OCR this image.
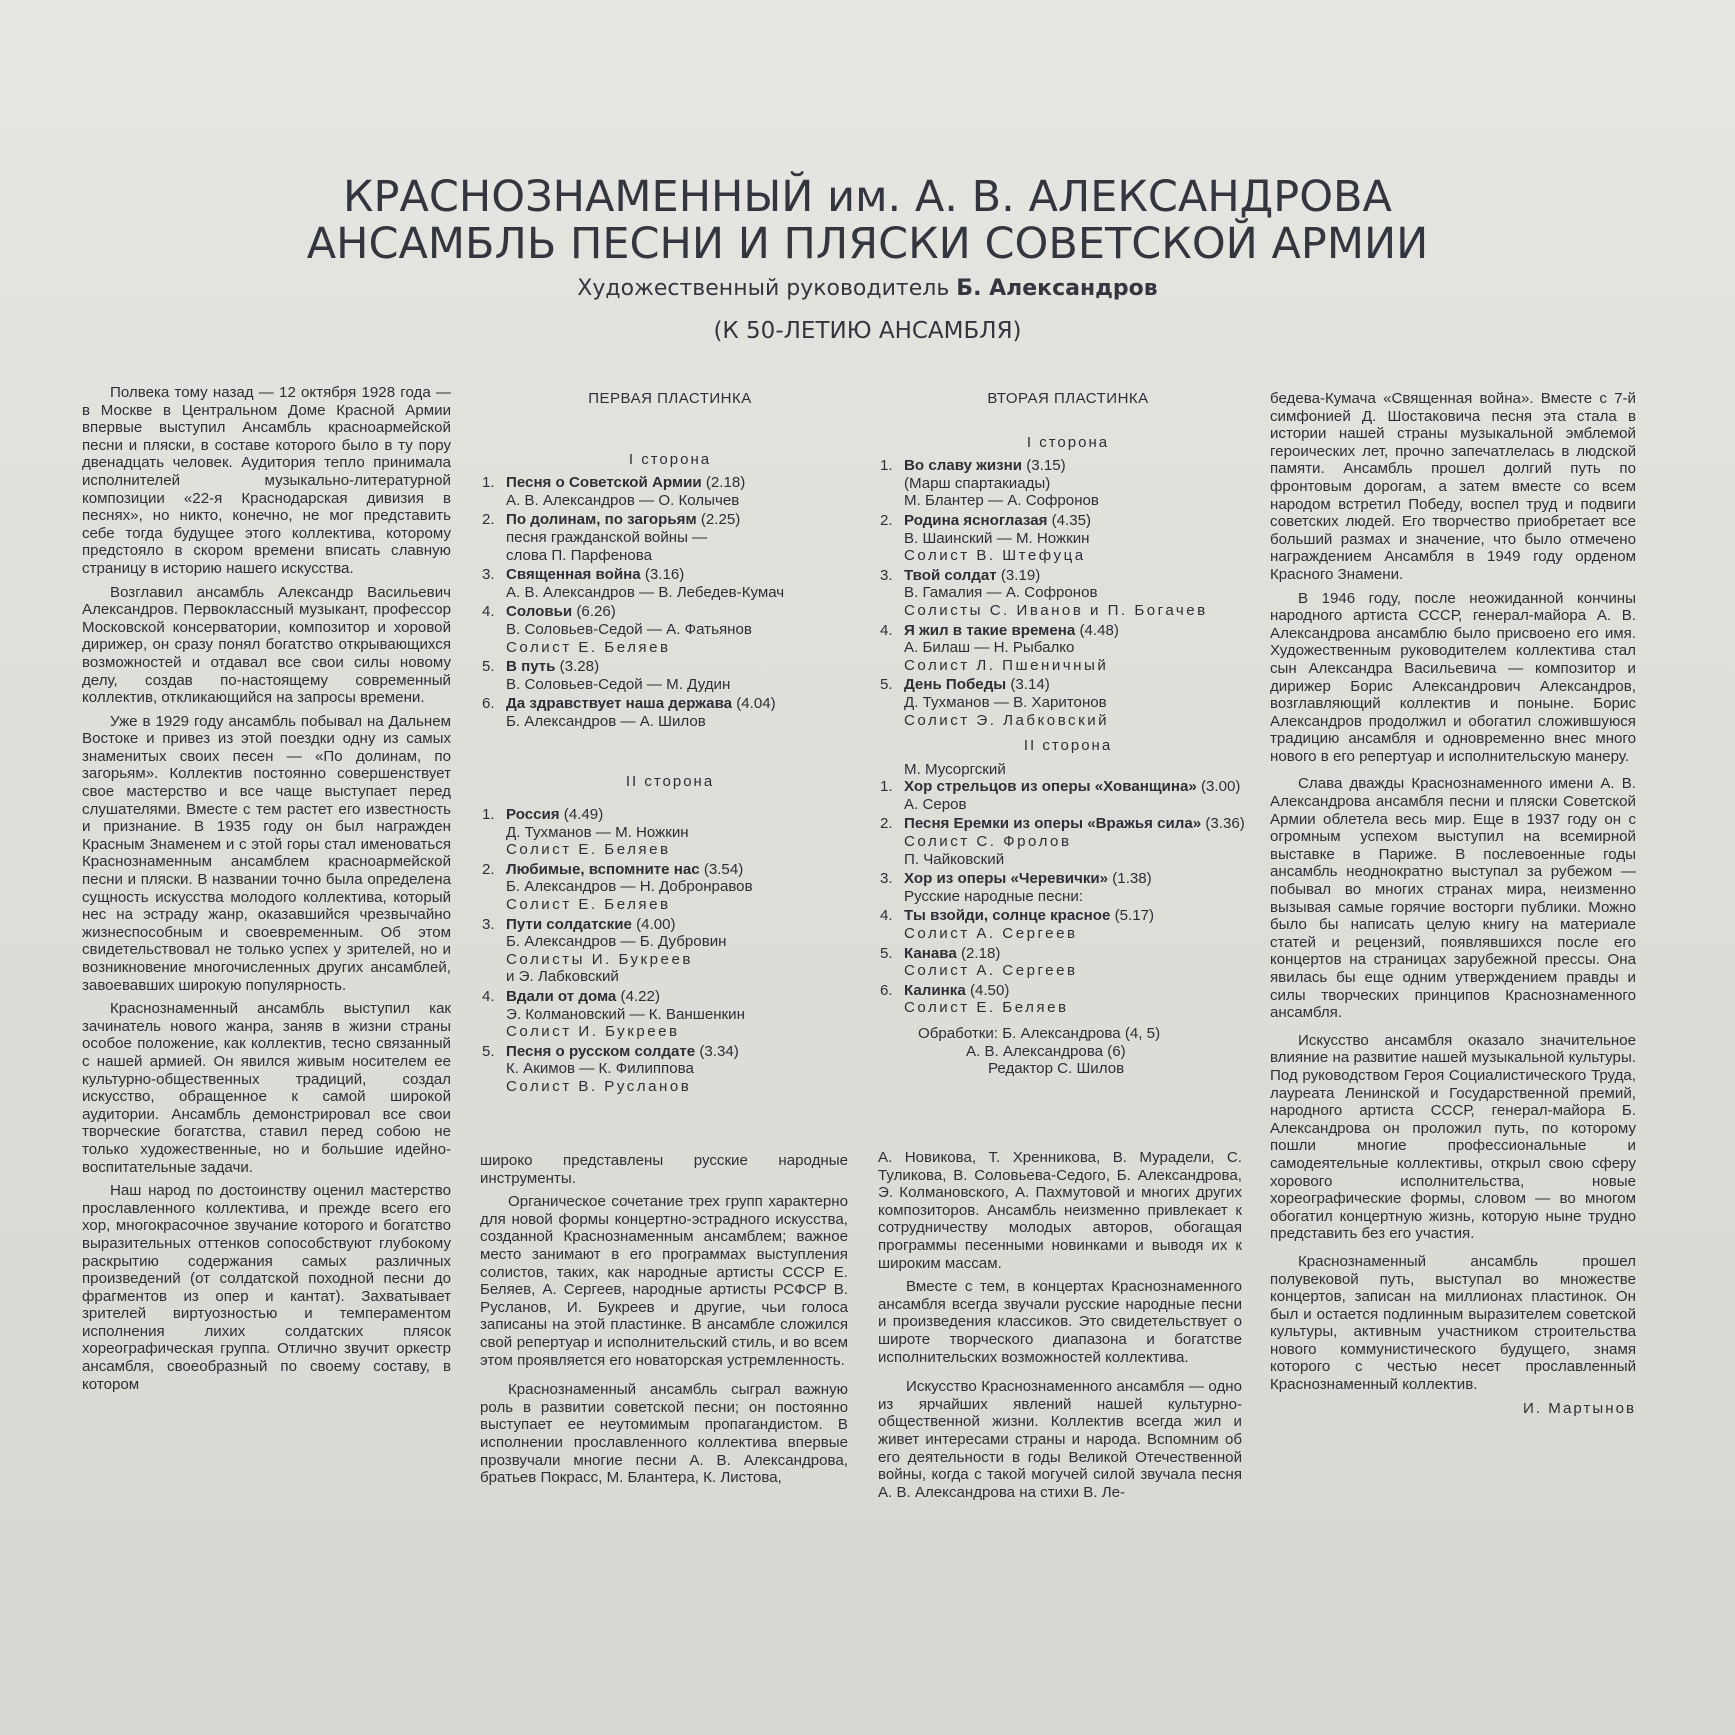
КРАСНОЗНАМЕННЫЙ им. А. В. АЛЕКСАНДРОВА
АНСАМБЛЬ ПЕСНИ И ПЛЯСКИ СОВЕТСКОЙ АРМИИ
Художественный руководитель Б. Александров
(К 50-ЛЕТИЮ АНСАМБЛЯ)

Полвека тому назад — 12 октября 1928 года — в Москве в Центральном Доме Красной Армии впервые выступил Ансамбль красноармейской песни и пляски, в составе которого было в ту пору двенадцать человек. Аудитория тепло принимала исполнителей музыкально-литературной композиции «22-я Краснодарская дивизия в песнях», но никто, конечно, не мог представить себе тогда будущее этого коллектива, которому предстояло в скором времени вписать славную страницу в историю нашего искусства.

Возглавил ансамбль Александр Васильевич Александров. Первоклассный музыкант, профессор Московской консерватории, композитор и хоровой дирижер, он сразу понял богатство открывающихся возможностей и отдавал все свои силы новому делу, создав по-настоящему современный коллектив, откликающийся на запросы времени.

Уже в 1929 году ансамбль побывал на Дальнем Востоке и привез из этой поездки одну из самых знаменитых своих песен — «По долинам, по загорьям». Коллектив постоянно совершенствует свое мастерство и все чаще выступает перед слушателями. Вместе с тем растет его известность и признание. В 1935 году он был награжден Красным Знаменем и с этой горы стал именоваться Краснознаменным ансамблем красноармейской песни и пляски. В названии точно была определена сущность искусства молодого коллектива, который нес на эстраду жанр, оказавшийся чрезвычайно жизнеспособным и своевременным. Об этом свидетельствовал не только успех у зрителей, но и возникновение многочисленных других ансамблей, завоевавших широкую популярность.

Краснознаменный ансамбль выступил как зачинатель нового жанра, заняв в жизни страны особое положение, как коллектив, тесно связанный с нашей армией. Он явился живым носителем ее культурно-общественных традиций, создал искусство, обращенное к самой широкой аудитории. Ансамбль демонстрировал все свои творческие богатства, ставил перед собою не только художественные, но и большие идейно-воспитательные задачи.

Наш народ по достоинству оценил мастерство прославленного коллектива, и прежде всего его хор, многокрасочное звучание которого и богатство выразительных оттенков сопособствуют глубокому раскрытию содержания самых различных произведений (от солдатской походной песни до фрагментов из опер и кантат). Захватывает зрителей виртуозностью и темпераментом исполнения лихих солдатских плясок хореографическая группа. Отлично звучит оркестр ансамбля, своеобразный по своему составу, в котором

ПЕРВАЯ ПЛАСТИНКА
I сторона
1. Песня о Советской Армии (2.18)
А. В. Александров — О. Колычев
2. По долинам, по загорьям (2.25)
песня гражданской войны —
слова П. Парфенова
3. Священная война (3.16)
А. В. Александров — В. Лебедев-Кумач
4. Соловьи (6.26)
В. Соловьев-Седой — А. Фатьянов
Солист Е. Беляев
5. В путь (3.28)
В. Соловьев-Седой — М. Дудин
6. Да здравствует наша держава (4.04)
Б. Александров — А. Шилов
II сторона
1. Россия (4.49)
Д. Тухманов — М. Ножкин
Солист Е. Беляев
2. Любимые, вспомните нас (3.54)
Б. Александров — Н. Добронравов
Солист Е. Беляев
3. Пути солдатские (4.00)
Б. Александров — Б. Дубровин
Солисты И. Букреев
и Э. Лабковский
4. Вдали от дома (4.22)
Э. Колмановский — К. Ваншенкин
Солист И. Букреев
5. Песня о русском солдате (3.34)
К. Акимов — К. Филиппова
Солист В. Русланов
ВТОРАЯ ПЛАСТИНКА
I сторона
1. Во славу жизни (3.15)
(Марш спартакиады)
М. Блантер — А. Софронов
2. Родина ясноглазая (4.35)
В. Шаинский — М. Ножкин
Солист В. Штефуца
3. Твой солдат (3.19)
В. Гамалия — А. Софронов
Солисты С. Иванов и П. Богачев
4. Я жил в такие времена (4.48)
А. Билаш — Н. Рыбалко
Солист Л. Пшеничный
5. День Победы (3.14)
Д. Тухманов — В. Харитонов
Солист Э. Лабковский
II сторона
М. Мусоргский
1. Хор стрельцов из оперы «Хованщина» (3.00)
А. Серов
2. Песня Еремки из оперы «Вражья сила» (3.36)
Солист С. Фролов
П. Чайковский
3. Хор из оперы «Черевички» (1.38)
Русские народные песни:
4. Ты взойди, солнце красное (5.17)
Солист А. Сергеев
5. Канава (2.18)
Солист А. Сергеев
6. Калинка (4.50)
Солист Е. Беляев
Обработки: Б. Александрова (4, 5)
А. В. Александрова (6)
Редактор С. Шилов

широко представлены русские народные инструменты.

Органическое сочетание трех групп характерно для новой формы концертно-эстрадного искусства, созданной Краснознаменным ансамблем; важное место занимают в его программах выступления солистов, таких, как народные артисты СССР Е. Беляев, А. Сергеев, народные артисты РСФСР В. Русланов, И. Букреев и другие, чьи голоса записаны на этой пластинке. В ансамбле сложился свой репертуар и исполнительский стиль, и во всем этом проявляется его новаторская устремленность.

Краснознаменный ансамбль сыграл важную роль в развитии советской песни; он постоянно выступает ее неутомимым пропагандистом. В исполнении прославленного коллектива впервые прозвучали многие песни А. В. Александрова, братьев Покрасс, М. Блантера, К. Листова,

А. Новикова, Т. Хренникова, В. Мурадели, С. Туликова, В. Соловьева-Седого, Б. Александрова, Э. Колмановского, А. Пахмутовой и многих других композиторов. Ансамбль неизменно привлекает к сотрудничеству молодых авторов, обогащая программы песенными новинками и выводя их к широким массам.

Вместе с тем, в концертах Краснознаменного ансамбля всегда звучали русские народные песни и произведения классиков. Это свидетельствует о широте творческого диапазона и богатстве исполнительских возможностей коллектива.

Искусство Краснознаменного ансамбля — одно из ярчайших явлений нашей культурно-общественной жизни. Коллектив всегда жил и живет интересами страны и народа. Вспомним об его деятельности в годы Великой Отечественной войны, когда с такой могучей силой звучала песня А. В. Александрова на стихи В. Ле-

бедева-Кумача «Священная война». Вместе с 7-й симфонией Д. Шостаковича песня эта стала в истории нашей страны музыкальной эмблемой героических лет, прочно запечатлелась в людской памяти. Ансамбль прошел долгий путь по фронтовым дорогам, а затем вместе со всем народом встретил Победу, воспел труд и подвиги советских людей. Его творчество приобретает все больший размах и значение, что было отмечено награждением Ансамбля в 1949 году орденом Красного Знамени.

В 1946 году, после неожиданной кончины народного артиста СССР, генерал-майора А. В. Александрова ансамблю было присвоено его имя. Художественным руководителем коллектива стал сын Александра Васильевича — композитор и дирижер Борис Александрович Александров, возглавляющий коллектив и поныне. Борис Александров продолжил и обогатил сложившуюся традицию ансамбля и одновременно внес много нового в его репертуар и исполнительскую манеру.

Слава дважды Краснознаменного имени А. В. Александрова ансамбля песни и пляски Советской Армии облетела весь мир. Еще в 1937 году он с огромным успехом выступил на всемирной выставке в Париже. В послевоенные годы ансамбль неоднократно выступал за рубежом — побывал во многих странах мира, неизменно вызывая самые горячие восторги публики. Можно было бы написать целую книгу на материале статей и рецензий, появлявшихся после его концертов на страницах зарубежной прессы. Она явилась бы еще одним утверждением правды и силы творческих принципов Краснознаменного ансамбля.

Искусство ансамбля оказало значительное влияние на развитие нашей музыкальной культуры. Под руководством Героя Социалистического Труда, лауреата Ленинской и Государственной премий, народного артиста СССР, генерал-майора Б. Александрова он проложил путь, по которому пошли многие профессиональные и самодеятельные коллективы, открыл свою сферу хорового исполнительства, новые хореографические формы, словом — во многом обогатил концертную жизнь, которую ныне трудно представить без его участия.

Краснознаменный ансамбль прошел полувековой путь, выступал во множестве концертов, записан на миллионах пластинок. Он был и остается подлинным выразителем советской культуры, активным участником строительства нового коммунистического будущего, знамя которого с честью несет прославленный Краснознаменный коллектив.

И. Мартынов
